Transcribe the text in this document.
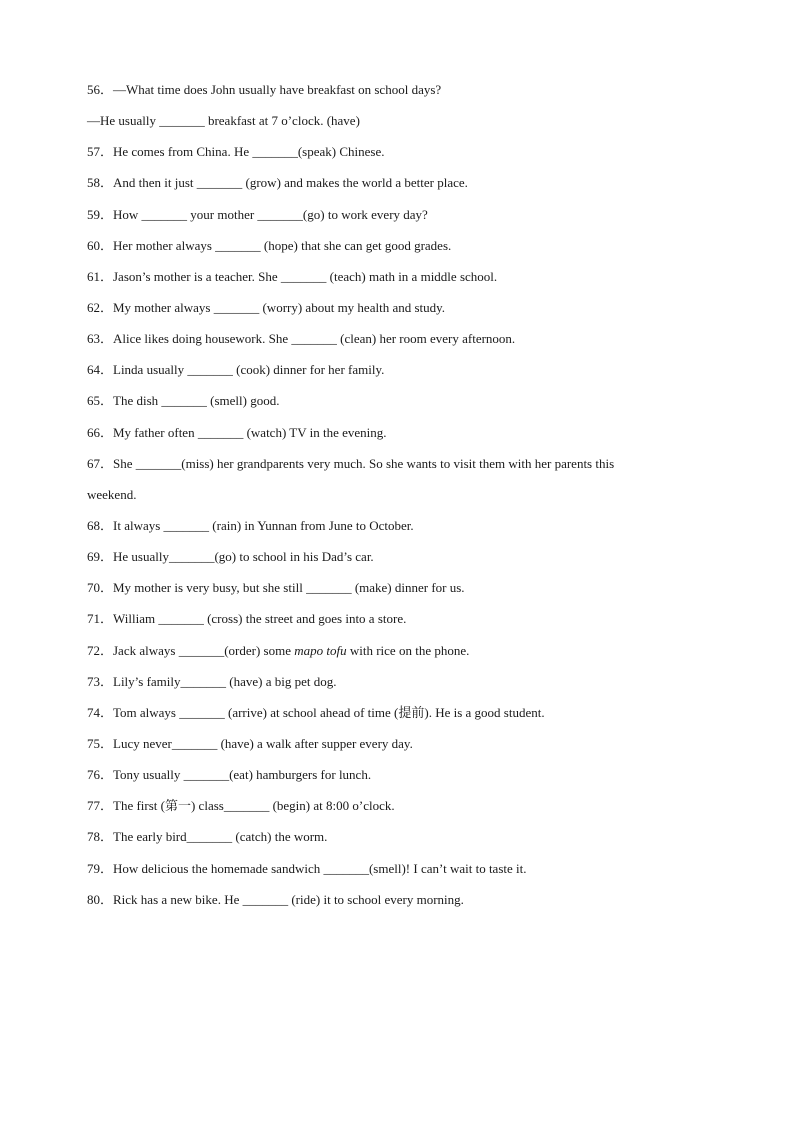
56．—What time does John usually have breakfast on school days?
—He usually _______ breakfast at 7 o’clock. (have)
57．He comes from China. He _______(speak) Chinese.
58．And then it just _______ (grow) and makes the world a better place.
59．How _______ your mother _______(go) to work every day?
60．Her mother always _______ (hope) that she can get good grades.
61．Jason’s mother is a teacher. She _______ (teach) math in a middle school.
62．My mother always _______ (worry) about my health and study.
63．Alice likes doing housework. She _______ (clean) her room every afternoon.
64．Linda usually _______ (cook) dinner for her family.
65．The dish _______ (smell) good.
66．My father often _______ (watch) TV in the evening.
67．She _______(miss) her grandparents very much. So she wants to visit them with her parents this
weekend.
68．It always _______ (rain) in Yunnan from June to October.
69．He usually_______(go) to school in his Dad’s car.
70．My mother is very busy, but she still _______ (make) dinner for us.
71．William _______ (cross) the street and goes into a store.
72．Jack always _______(order) some mapo tofu with rice on the phone.
73．Lily’s family_______ (have) a big pet dog.
74．Tom always _______ (arrive) at school ahead of time (提前). He is a good student.
75．Lucy never_______ (have) a walk after supper every day.
76．Tony usually _______(eat) hamburgers for lunch.
77．The first (第一) class_______ (begin) at 8:00 o’clock.
78．The early bird_______ (catch) the worm.
79．How delicious the homemade sandwich _______(smell)! I can’t wait to taste it.
80．Rick has a new bike. He _______ (ride) it to school every morning.
